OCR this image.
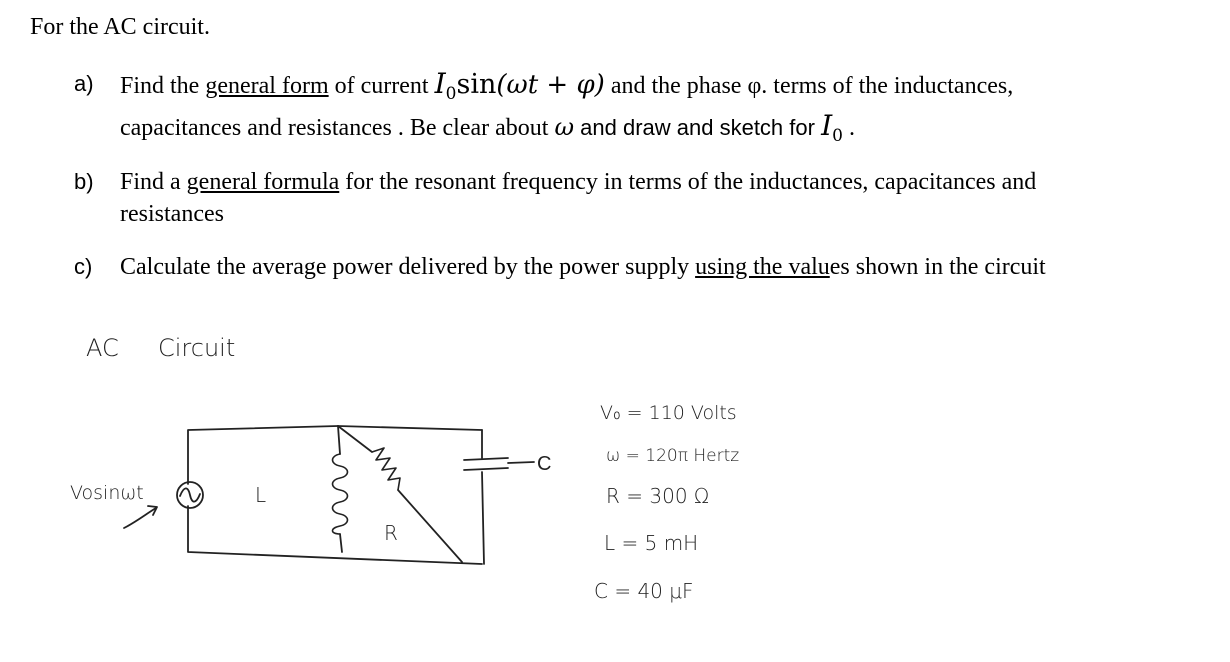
For the AC circuit.
a) Find the general form of current $I_0\sin(\omega t + \varphi)$ and the phase φ. terms of the inductances,
capacitances and resistances . Be clear about ω and draw and sketch for $I_0$ .
b) Find a general formula for the resonant frequency in terms of the inductances, capacitances and
resistances
c) Calculate the average power delivered by the power supply using the values shown in the circuit
AC Circuit
Vosinωt	L
R
C
V₀ = 110 Volts
ω = 120π Hertz
R = 300 Ω
L = 5 mH
C = 40 μF
